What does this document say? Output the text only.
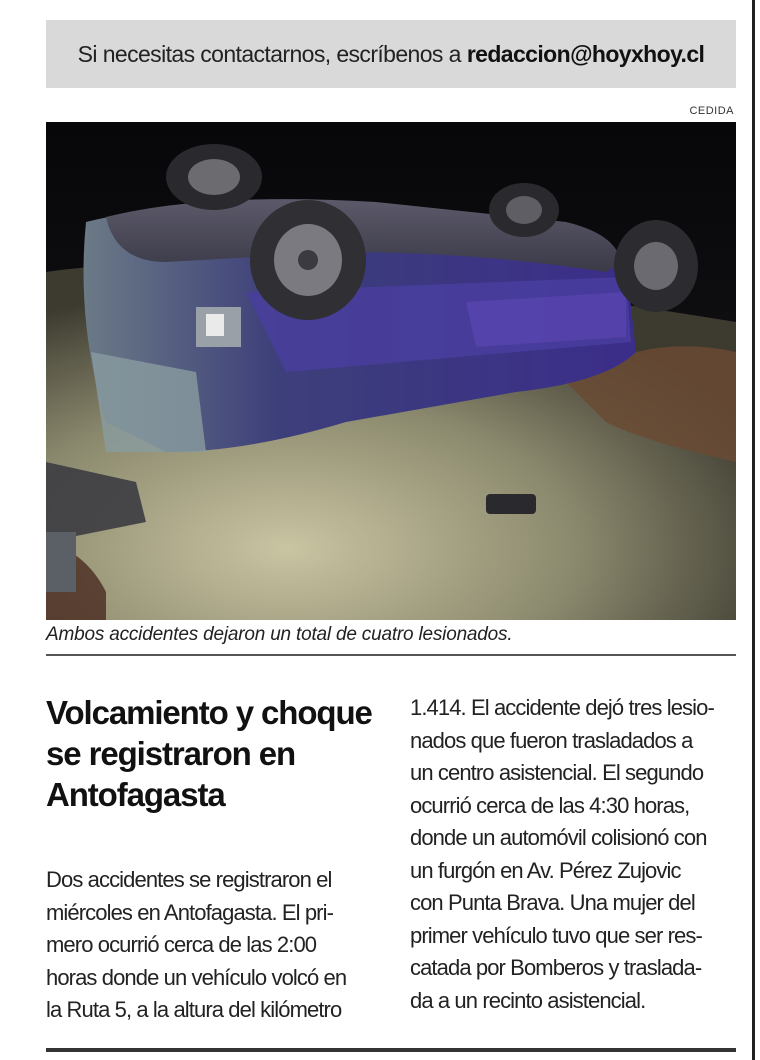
Si necesitas contactarnos, escríbenos a redaccion@hoyxhoy.cl
CEDIDA
Ambos accidentes dejaron un total de cuatro lesionados.
Volcamiento y choque
se registraron en
Antofagasta
Dos accidentes se registraron el
miércoles en Antofagasta. El pri-
mero ocurrió cerca de las 2:00
horas donde un vehículo volcó en
la Ruta 5, a la altura del kilómetro
1.414. El accidente dejó tres lesio-
nados que fueron trasladados a
un centro asistencial. El segundo
ocurrió cerca de las 4:30 horas,
donde un automóvil colisionó con
un furgón en Av. Pérez Zujovic
con Punta Brava. Una mujer del
primer vehículo tuvo que ser res-
catada por Bomberos y traslada-
da a un recinto asistencial.
